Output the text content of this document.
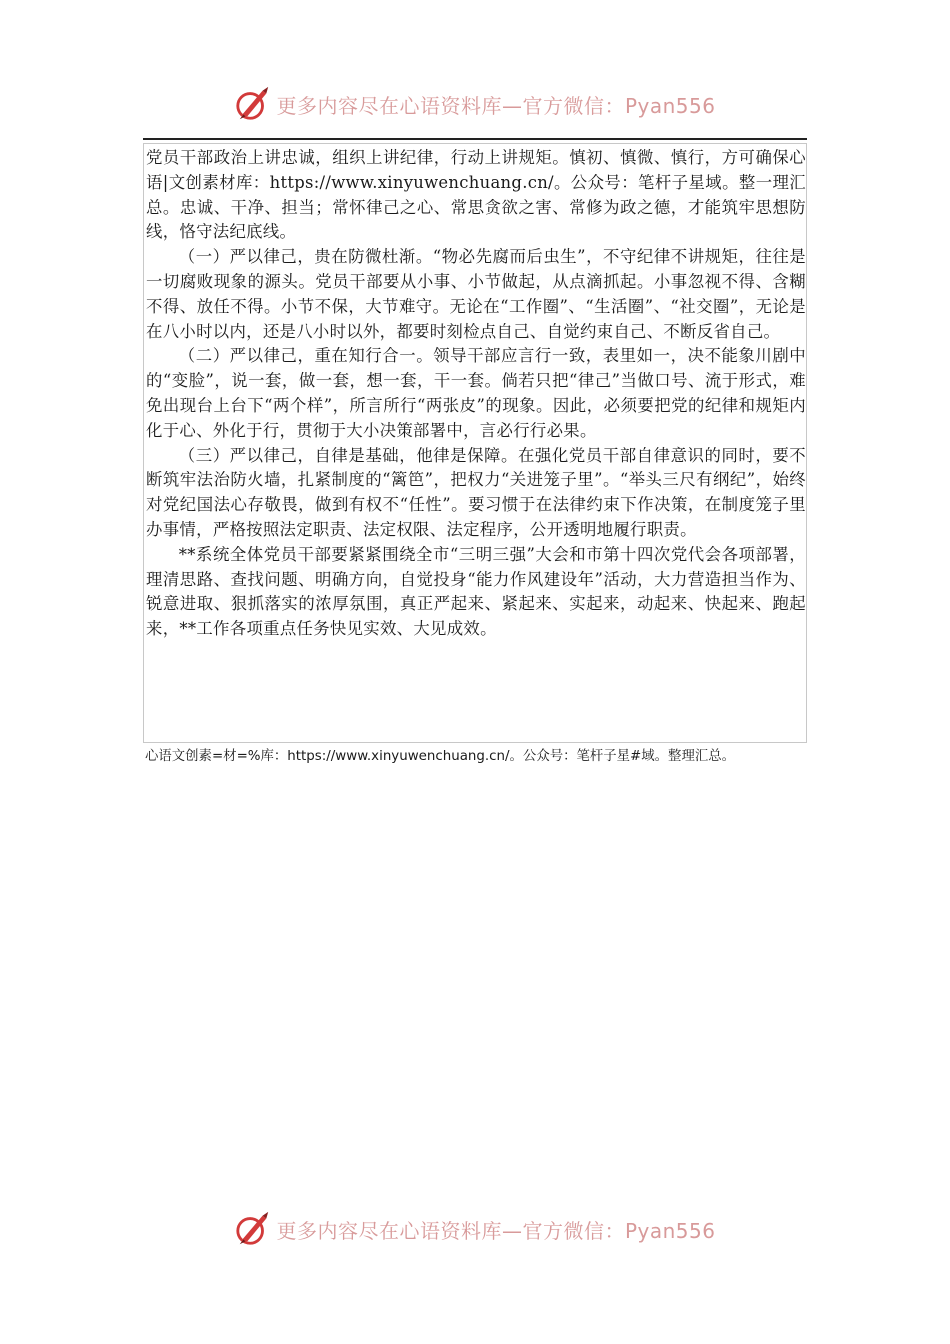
更多内容尽在心语资料库—官方微信：Pyan556

党员干部政治上讲忠诚，组织上讲纪律，行动上讲规矩。慎初、慎微、慎行，方可确保心语|文创素材库：https://www.xinyuwenchuang.cn/。公众号：笔杆子星域。整一理汇总。忠诚、干净、担当；常怀律己之心、常思贪欲之害、常修为政之德，才能筑牢思想防线，恪守法纪底线。

（一）严以律己，贵在防微杜渐。“物必先腐而后虫生”，不守纪律不讲规矩，往往是一切腐败现象的源头。党员干部要从小事、小节做起，从点滴抓起。小事忽视不得、含糊不得、放任不得。小节不保，大节难守。无论在“工作圈”、“生活圈”、“社交圈”，无论是在八小时以内，还是八小时以外，都要时刻检点自己、自觉约束自己、不断反省自己。

（二）严以律己，重在知行合一。领导干部应言行一致，表里如一，决不能象川剧中的“变脸”，说一套，做一套，想一套，干一套。倘若只把“律己”当做口号、流于形式，难免出现台上台下“两个样”，所言所行“两张皮”的现象。因此，必须要把党的纪律和规矩内化于心、外化于行，贯彻于大小决策部署中，言必行行必果。

（三）严以律己，自律是基础，他律是保障。在强化党员干部自律意识的同时，要不断筑牢法治防火墙，扎紧制度的“篱笆”，把权力“关进笼子里”。“举头三尺有纲纪”，始终对党纪国法心存敬畏，做到有权不“任性”。要习惯于在法律约束下作决策，在制度笼子里办事情，严格按照法定职责、法定权限、法定程序，公开透明地履行职责。

**系统全体党员干部要紧紧围绕全市“三明三强”大会和市第十四次党代会各项部署，理清思路、查找问题、明确方向，自觉投身“能力作风建设年”活动，大力营造担当作为、锐意进取、狠抓落实的浓厚氛围，真正严起来、紧起来、实起来，动起来、快起来、跑起来，**工作各项重点任务快见实效、大见成效。

心语文创素=材=%库：https://www.xinyuwenchuang.cn/。公众号：笔杆子星#域。整理汇总。
更多内容尽在心语资料库—官方微信：Pyan556
